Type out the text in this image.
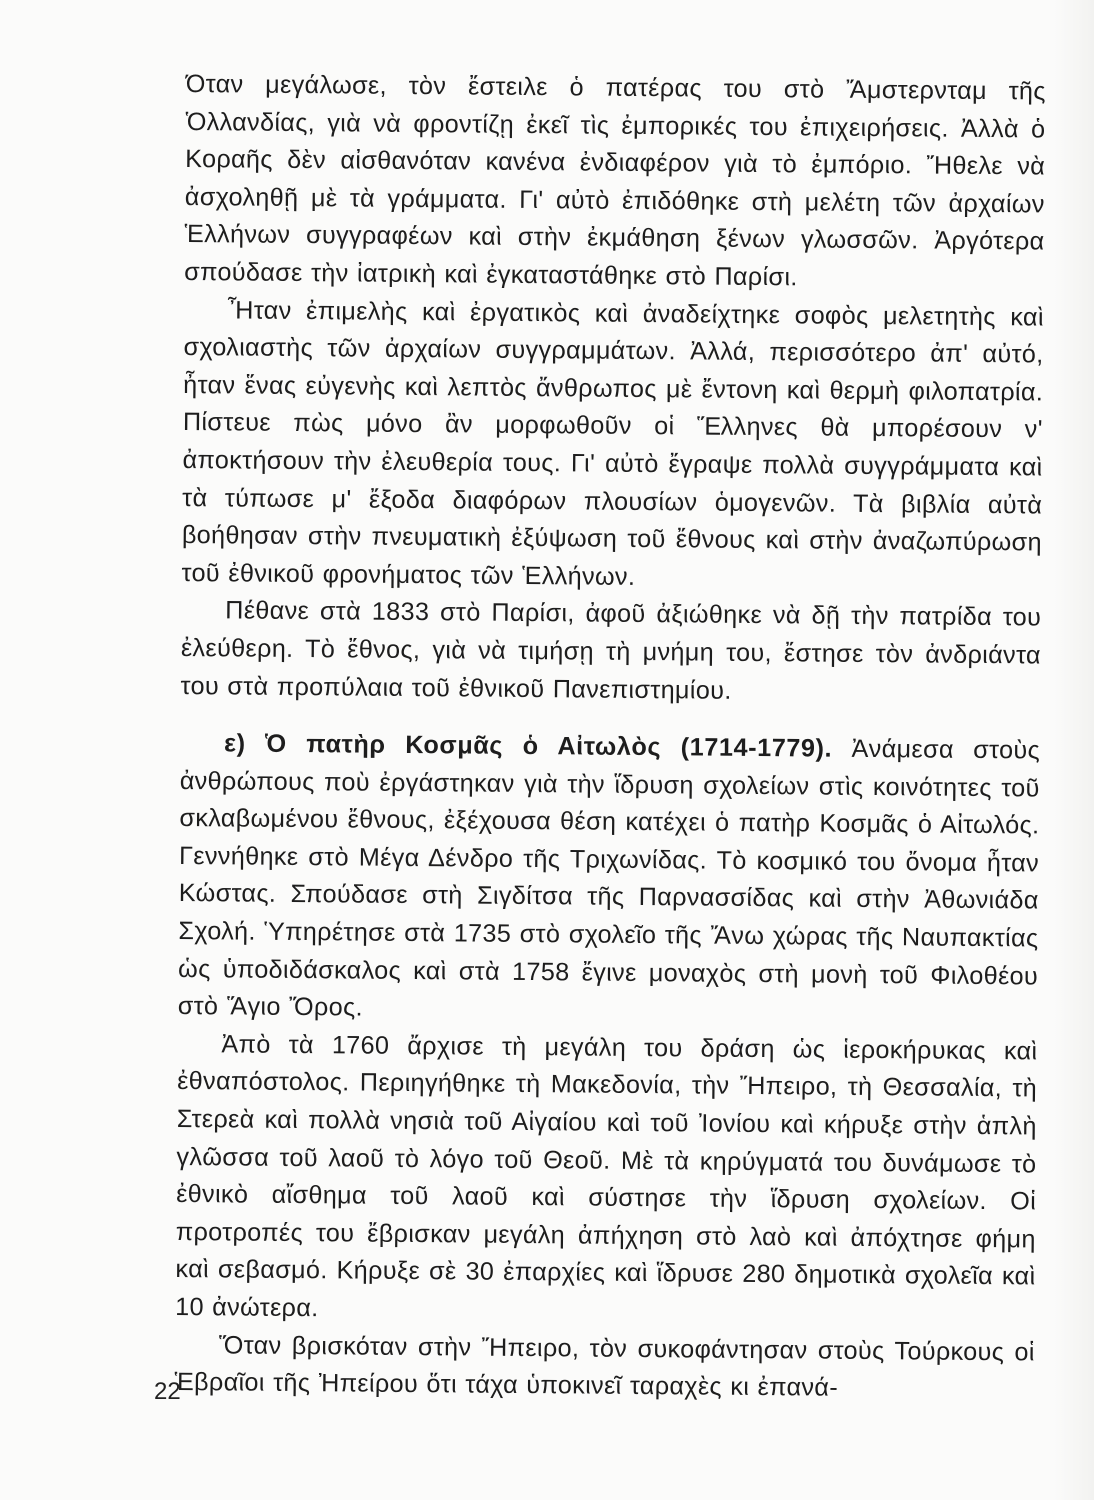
Όταν μεγάλωσε, τὸν ἔστειλε ὁ πατέρας του στὸ Ἄμστερνταμ τῆς Ὁλλανδίας, γιὰ νὰ φροντίζῃ ἐκεῖ τὶς ἐμπορικές του ἐπιχειρήσεις. Ἀλλὰ ὁ Κοραῆς δὲν αἰσθανόταν κανένα ἐνδιαφέρον γιὰ τὸ ἐμπόριο. Ἤθελε νὰ ἀσχοληθῇ μὲ τὰ γράμματα. Γι' αὐτὸ ἐπιδόθηκε στὴ μελέτη τῶν ἀρχαίων Ἑλλήνων συγγραφέων καὶ στὴν ἐκμάθηση ξένων γλωσσῶν. Ἀργότερα σπούδασε τὴν ἰατρικὴ καὶ ἐγκαταστάθηκε στὸ Παρίσι.

Ἦταν ἐπιμελὴς καὶ ἐργατικὸς καὶ ἀναδείχτηκε σοφὸς μελετητὴς καὶ σχολιαστὴς τῶν ἀρχαίων συγγραμμάτων. Ἀλλά, περισσότερο ἀπ' αὐτό, ἦταν ἕνας εὐγενὴς καὶ λεπτὸς ἄνθρωπος μὲ ἔντονη καὶ θερμὴ φιλοπατρία. Πίστευε πὼς μόνο ἂν μορφωθοῦν οἱ Ἕλληνες θὰ μπορέσουν ν' ἀποκτήσουν τὴν ἐλευθερία τους. Γι' αὐτὸ ἔγραψε πολλὰ συγγράμματα καὶ τὰ τύπωσε μ' ἔξοδα διαφόρων πλουσίων ὁμογενῶν. Τὰ βιβλία αὐτὰ βοήθησαν στὴν πνευματικὴ ἐξύψωση τοῦ ἔθνους καὶ στὴν ἀναζωπύρωση τοῦ ἐθνικοῦ φρονήματος τῶν Ἑλλήνων.

Πέθανε στὰ 1833 στὸ Παρίσι, ἀφοῦ ἀξιώθηκε νὰ δῇ τὴν πατρίδα του ἐλεύθερη. Τὸ ἔθνος, γιὰ νὰ τιμήσῃ τὴ μνήμη του, ἔστησε τὸν ἀνδριάντα του στὰ προπύλαια τοῦ ἐθνικοῦ Πανεπιστημίου.

ε) Ὁ πατὴρ Κοσμᾶς ὁ Αἰτωλὸς (1714-1779). Ἀνάμεσα στοὺς ἀνθρώπους ποὺ ἐργάστηκαν γιὰ τὴν ἵδρυση σχολείων στὶς κοινότητες τοῦ σκλαβωμένου ἔθνους, ἐξέχουσα θέση κατέχει ὁ πατὴρ Κοσμᾶς ὁ Αἰτωλός. Γεννήθηκε στὸ Μέγα Δένδρο τῆς Τριχωνίδας. Τὸ κοσμικό του ὄνομα ἦταν Κώστας. Σπούδασε στὴ Σιγδίτσα τῆς Παρνασσίδας καὶ στὴν Ἀθωνιάδα Σχολή. Ὑπηρέτησε στὰ 1735 στὸ σχολεῖο τῆς Ἄνω χώρας τῆς Ναυπακτίας ὡς ὑποδιδάσκαλος καὶ στὰ 1758 ἔγινε μοναχὸς στὴ μονὴ τοῦ Φιλοθέου στὸ Ἅγιο Ὄρος.

Ἀπὸ τὰ 1760 ἄρχισε τὴ μεγάλη του δράση ὡς ἱεροκήρυκας καὶ ἐθναπόστολος. Περιηγήθηκε τὴ Μακεδονία, τὴν Ἤπειρο, τὴ Θεσσαλία, τὴ Στερεὰ καὶ πολλὰ νησιὰ τοῦ Αἰγαίου καὶ τοῦ Ἰονίου καὶ κήρυξε στὴν ἁπλὴ γλῶσσα τοῦ λαοῦ τὸ λόγο τοῦ Θεοῦ. Μὲ τὰ κηρύγματά του δυνάμωσε τὸ ἐθνικὸ αἴσθημα τοῦ λαοῦ καὶ σύστησε τὴν ἵδρυση σχολείων. Οἱ προτροπές του ἔβρισκαν μεγάλη ἀπήχηση στὸ λαὸ καὶ ἀπόχτησε φήμη καὶ σεβασμό. Κήρυξε σὲ 30 ἐπαρχίες καὶ ἵδρυσε 280 δημοτικὰ σχολεῖα καὶ 10 ἀνώτερα.

Ὅταν βρισκόταν στὴν Ἤπειρο, τὸν συκοφάντησαν στοὺς Τούρκους οἱ Ἑβραῖοι τῆς Ἠπείρου ὅτι τάχα ὑποκινεῖ ταραχὲς κι ἐπανά-

22
